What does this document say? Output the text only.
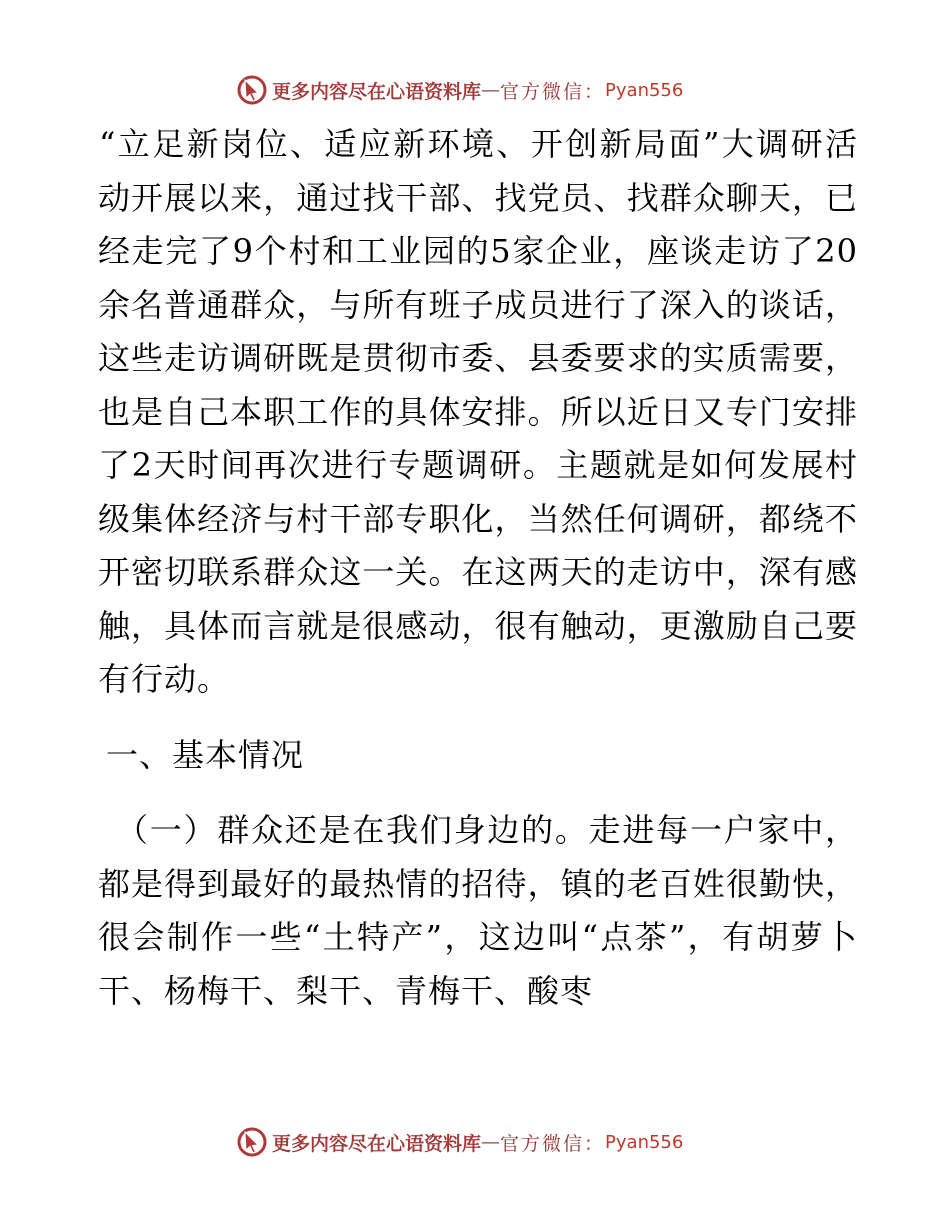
更多内容尽在心语资料库 — 官方微信： Pyan556

“立足新岗位、适应新环境、开创新局面”大调研活动开展以来，通过找干部、找党员、找群众聊天，已经走完了9个村和工业园的5家企业，座谈走访了20余名普通群众，与所有班子成员进行了深入的谈话，这些走访调研既是贯彻市委、县委要求的实质需要，也是自己本职工作的具体安排。所以近日又专门安排了2天时间再次进行专题调研。主题就是如何发展村级集体经济与村干部专职化，当然任何调研，都绕不开密切联系群众这一关。在这两天的走访中，深有感触，具体而言就是很感动，很有触动，更激励自己要有行动。

一、基本情况

（一）群众还是在我们身边的。走进每一户家中，都是得到最好的最热情的招待，镇的老百姓很勤快，很会制作一些“土特产”，这边叫“点茶”，有胡萝卜干、杨梅干、梨干、青梅干、酸枣

更多内容尽在心语资料库 — 官方微信： Pyan556
